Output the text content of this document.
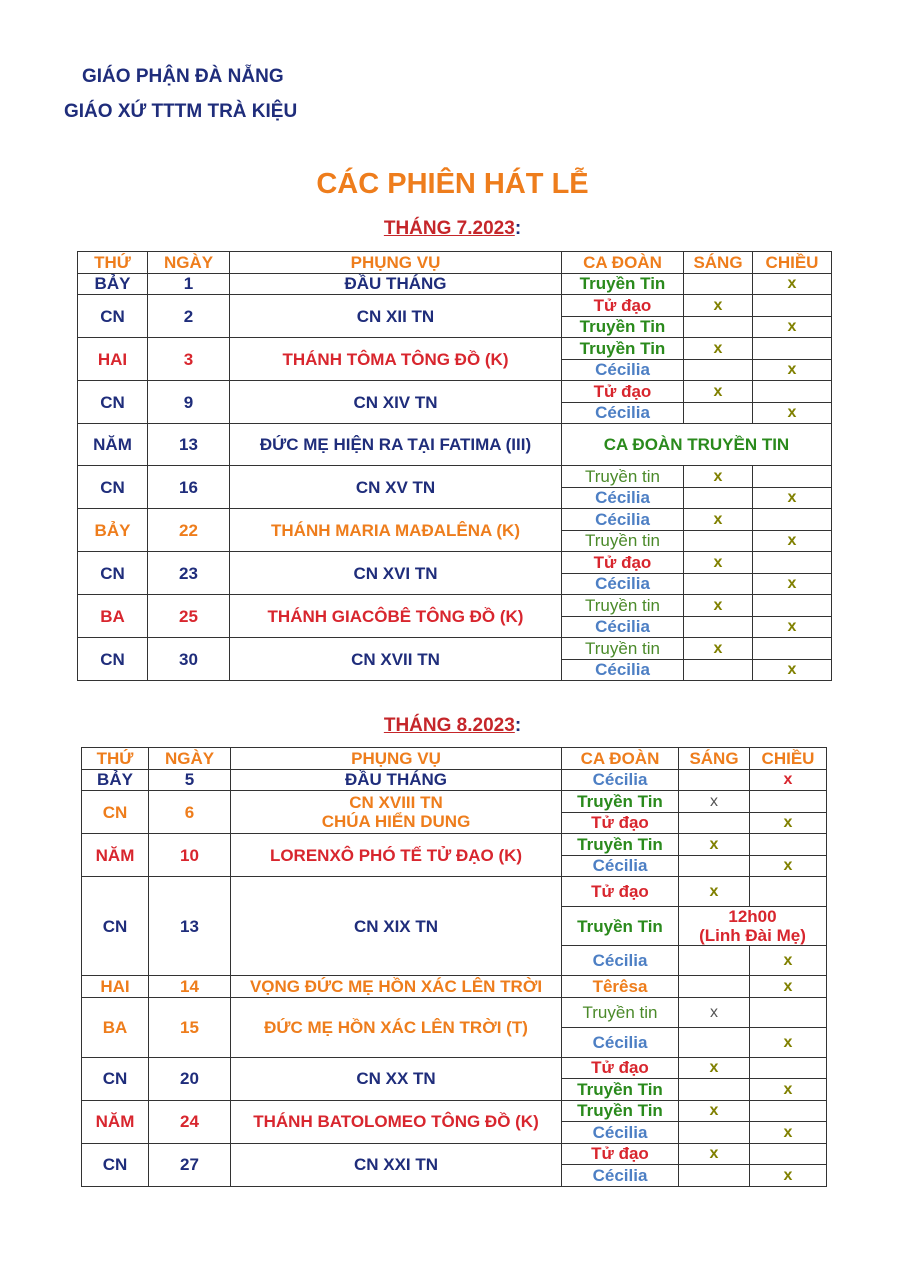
GIÁO PHẬN ĐÀ NẴNG
GIÁO XỨ TTTM TRÀ KIỆU
CÁC PHIÊN HÁT LỄ
THÁNG 7.2023:
THỨ	NGÀY	PHỤNG VỤ	CA ĐOÀN	SÁNG	CHIỀU
BẢY	1	ĐẦU THÁNG	Truyền Tin		x
CN	2	CN XII TN	Tử đạo	x	
			Truyền Tin		x
HAI	3	THÁNH TÔMA TÔNG ĐỒ (K)	Truyền Tin	x	
			Cécilia		x
CN	9	CN XIV TN	Tử đạo	x	
			Cécilia		x
NĂM	13	ĐỨC MẸ HIỆN RA TẠI FATIMA (III)	CA ĐOÀN TRUYỀN TIN		
CN	16	CN XV TN	Truyền tin	x	
			Cécilia		x
BẢY	22	THÁNH MARIA MAĐALÊNA (K)	Cécilia	x	
			Truyền tin		x
CN	23	CN XVI TN	Tử đạo	x	
			Cécilia		x
BA	25	THÁNH GIACÔBÊ TÔNG ĐỒ (K)	Truyền tin	x	
			Cécilia		x
CN	30	CN XVII TN	Truyền tin	x	
			Cécilia		x
THÁNG 8.2023:
THỨ	NGÀY	PHỤNG VỤ	CA ĐOÀN	SÁNG	CHIỀU
BẢY	5	ĐẦU THÁNG	Cécilia		x
CN	6	CN XVIII TN
CHÚA HIỂN DUNG	Truyền Tin	x	
			Tử đạo		x
NĂM	10	LORENXÔ PHÓ TẾ TỬ ĐẠO (K)	Truyền Tin	x	
			Cécilia		x
CN	13	CN XIX TN	Tử đạo	x	
			Truyền Tin	12h00
(Linh Đài Mẹ)	

			Cécilia		x
HAI	14	VỌNG ĐỨC MẸ HỒN XÁC LÊN TRỜI	Têrêsa		x
BA	15	ĐỨC MẸ HỒN XÁC LÊN TRỜI (T)	Truyền tin	x	
			Cécilia		x
CN	20	CN XX TN	Tử đạo	x	
			Truyền Tin		x
NĂM	24	THÁNH BATOLOMEO TÔNG ĐỒ (K)	Truyền Tin	x	
			Cécilia		x
CN	27	CN XXI TN	Tử đạo	x	
			Cécilia		x
